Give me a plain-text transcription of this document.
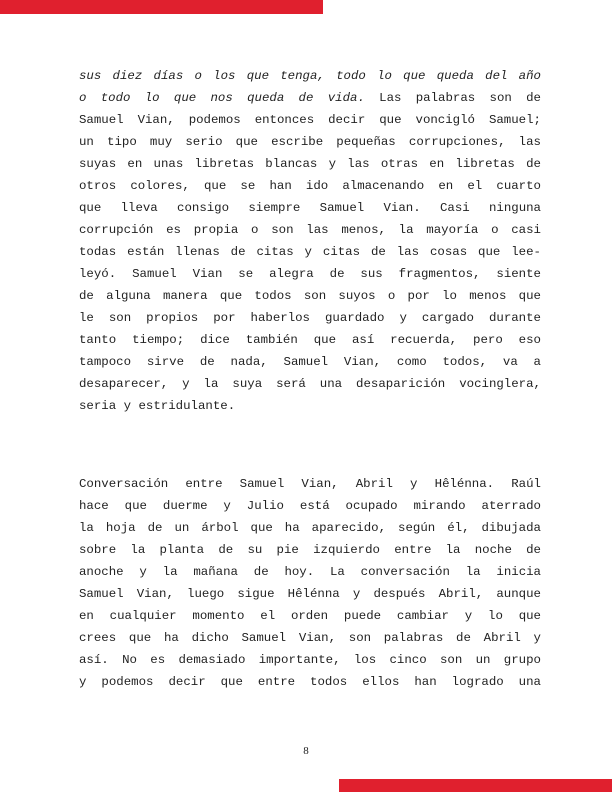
sus diez días o los que tenga, todo lo que queda del año
o todo lo que nos queda de vida. Las palabras son de
Samuel Vian, podemos entonces decir que voncigló Samuel;
un tipo muy serio que escribe pequeñas corrupciones, las
suyas en unas libretas blancas y las otras en libretas de
otros colores, que se han ido almacenando en el cuarto
que lleva consigo siempre Samuel Vian. Casi ninguna
corrupción es propia o son las menos, la mayoría o casi
todas están llenas de citas y citas de las cosas que lee-
leyó. Samuel Vian se alegra de sus fragmentos, siente
de alguna manera que todos son suyos o por lo menos que
le son propios por haberlos guardado y cargado durante
tanto tiempo; dice también que así recuerda, pero eso
tampoco sirve de nada, Samuel Vian, como todos, va a
desaparecer, y la suya será una desaparición vocinglera,
seria y estridulante.
Conversación entre Samuel Vian, Abril y Hêlénna. Raúl
hace que duerme y Julio está ocupado mirando aterrado
la hoja de un árbol que ha aparecido, según él, dibujada
sobre la planta de su pie izquierdo entre la noche de
anoche y la mañana de hoy. La conversación la inicia
Samuel Vian, luego sigue Hêlénna y después Abril, aunque
en cualquier momento el orden puede cambiar y lo que
crees que ha dicho Samuel Vian, son palabras de Abril y
así. No es demasiado importante, los cinco son un grupo
y podemos decir que entre todos ellos han logrado una
8
